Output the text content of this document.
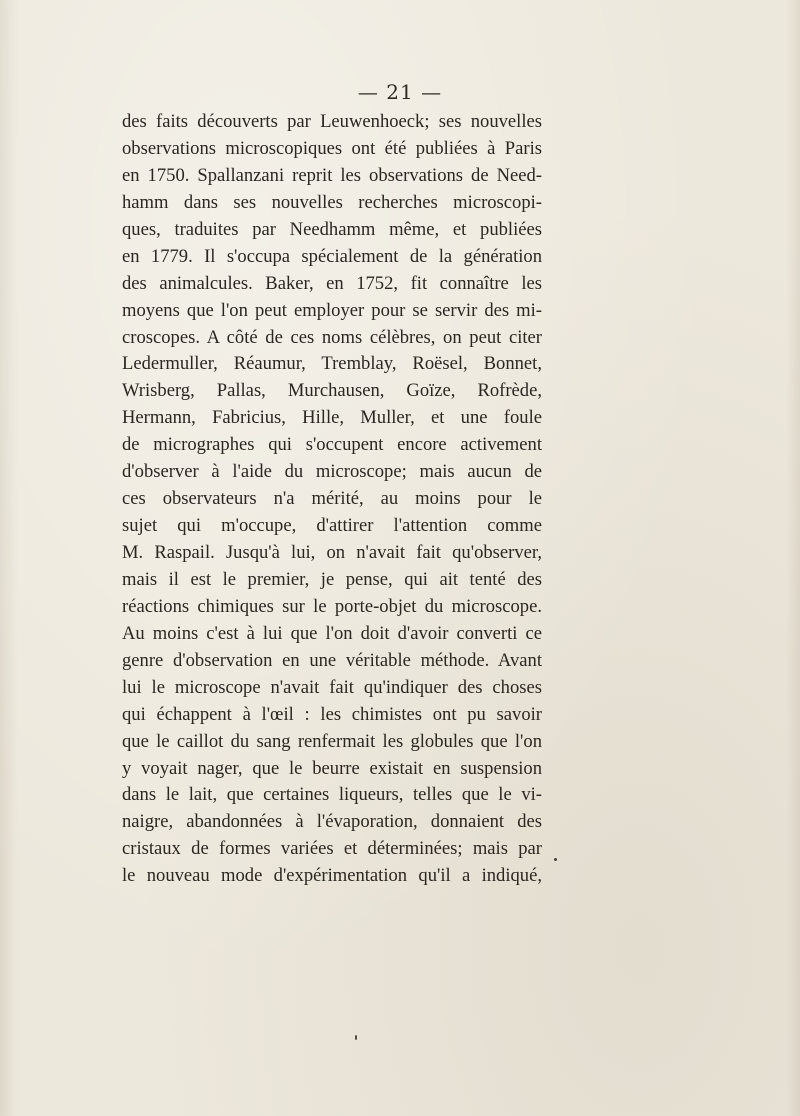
— 21 —
des faits découverts par Leuwenhoeck; ses nouvelles
observations microscopiques ont été publiées à Paris
en 1750. Spallanzani reprit les observations de Need-
hamm dans ses nouvelles recherches microscopi-
ques, traduites par Needhamm même, et publiées
en 1779. Il s'occupa spécialement de la génération
des animalcules. Baker, en 1752, fit connaître les
moyens que l'on peut employer pour se servir des mi-
croscopes. A côté de ces noms célèbres, on peut citer
Ledermuller, Réaumur, Tremblay, Roësel, Bonnet,
Wrisberg, Pallas, Murchausen, Goïze, Rofrède,
Hermann, Fabricius, Hille, Muller, et une foule
de micrographes qui s'occupent encore activement
d'observer à l'aide du microscope; mais aucun de
ces observateurs n'a mérité, au moins pour le
sujet qui m'occupe, d'attirer l'attention comme
M. Raspail. Jusqu'à lui, on n'avait fait qu'observer,
mais il est le premier, je pense, qui ait tenté des
réactions chimiques sur le porte-objet du microscope.
Au moins c'est à lui que l'on doit d'avoir converti ce
genre d'observation en une véritable méthode. Avant
lui le microscope n'avait fait qu'indiquer des choses
qui échappent à l'œil : les chimistes ont pu savoir
que le caillot du sang renfermait les globules que l'on
y voyait nager, que le beurre existait en suspension
dans le lait, que certaines liqueurs, telles que le vi-
naigre, abandonnées à l'évaporation, donnaient des
cristaux de formes variées et déterminées; mais par
le nouveau mode d'expérimentation qu'il a indiqué,
